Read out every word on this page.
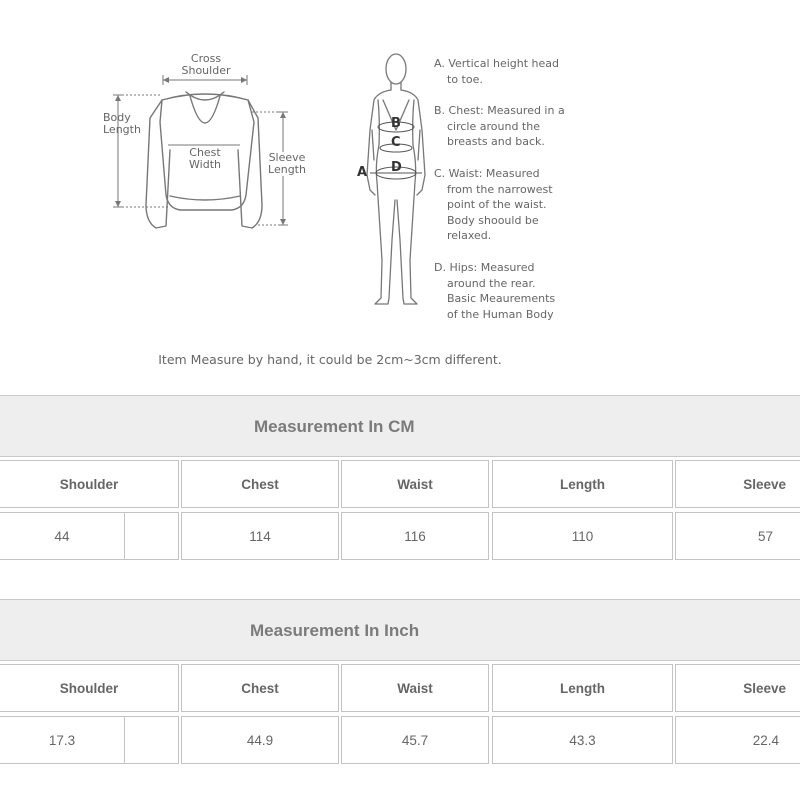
Cross
Shoulder
Body
Length
Chest
Width
Sleeve
Length	A
B
C
D
A. Vertical height head
to toe.
B. Chest: Measured in a
circle around the
breasts and back.
C. Waist: Measured
from the narrowest
point of the waist.
Body shoould be
relaxed.
D. Hips: Measured
around the rear.
Basic Meaurements
of the Human Body
Item Measure by hand, it could be 2cm~3cm different.
Measurement In CM
Shoulder	Chest	Waist	Length	Sleeve
44	114	116	110	57
Measurement In Inch
Shoulder	Chest	Waist	Length	Sleeve
17.3	44.9	45.7	43.3	22.4
